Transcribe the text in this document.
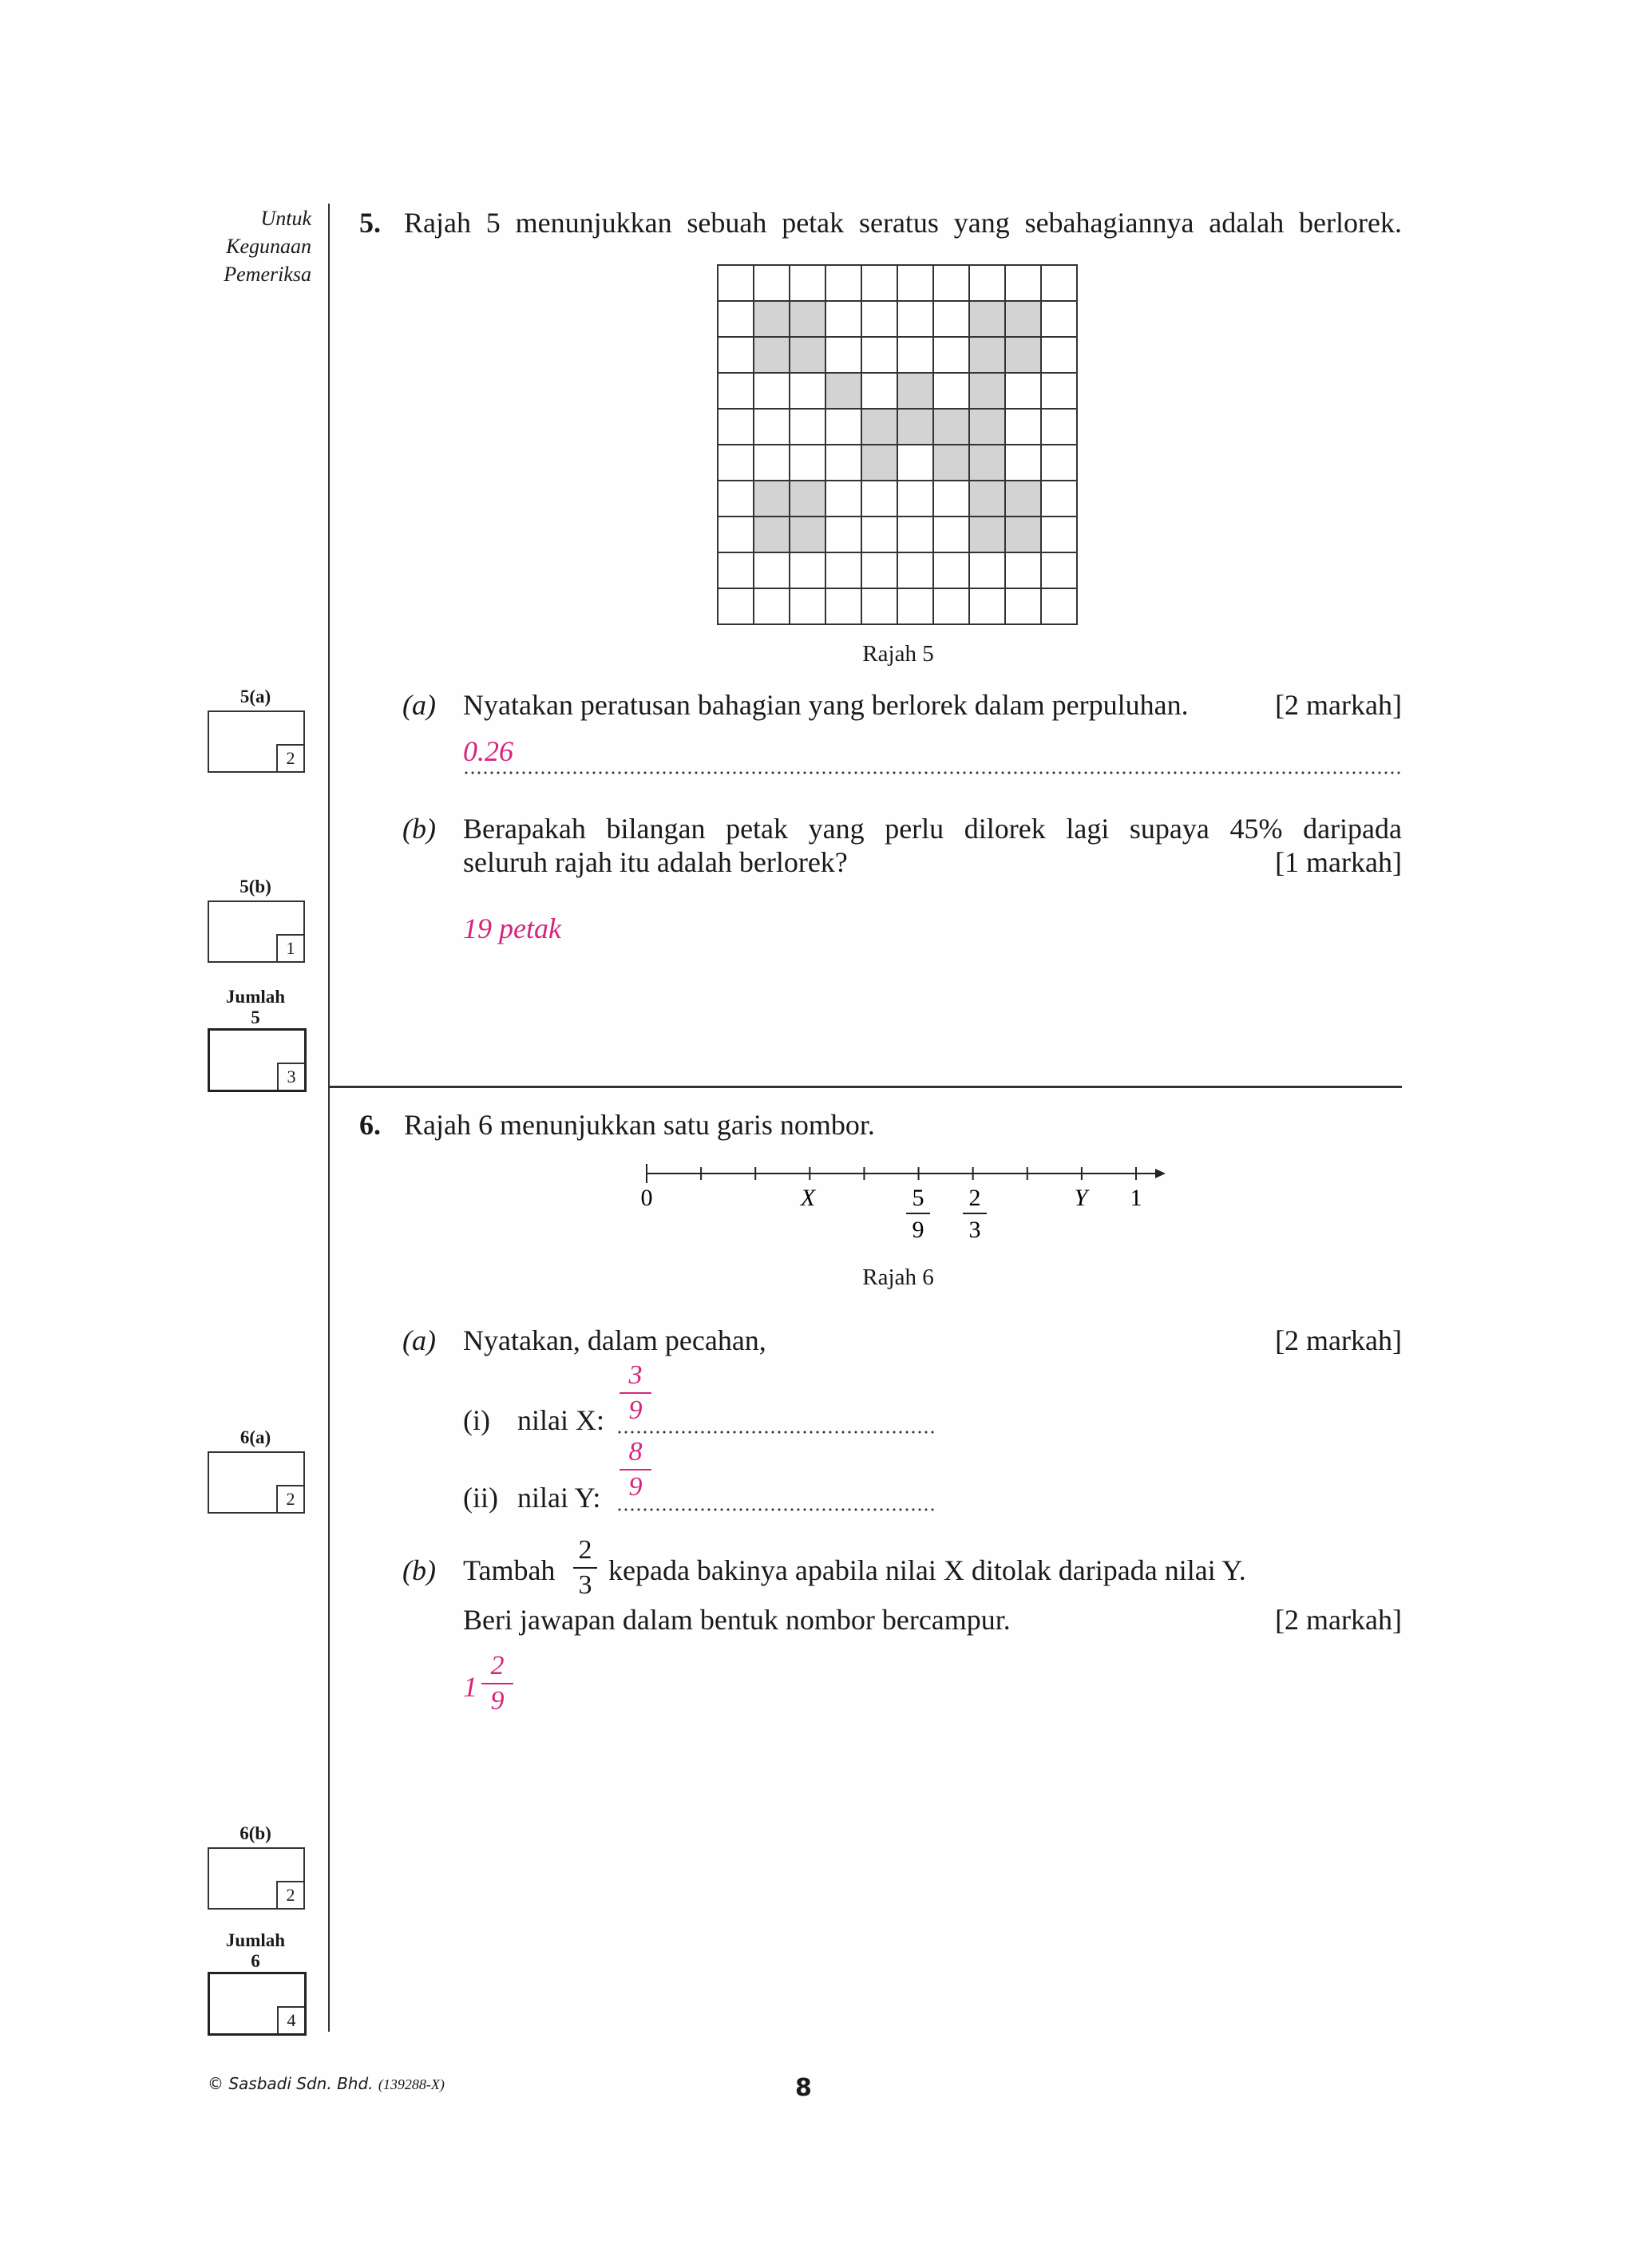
Untuk
Kegunaan
Pemeriksa
5(a)
2
5(b)
1
Jumlah
5
3
6(a)
2
6(b)
2
Jumlah
6
4
5. Rajah 5 menunjukkan sebuah petak seratus yang sebahagiannya adalah berlorek.
Rajah 5
(a) Nyatakan peratusan bahagian yang berlorek dalam perpuluhan.	[2 markah]
0.26
(b) Berapakah bilangan petak yang perlu dilorek lagi supaya 45% daripada
seluruh rajah itu adalah berlorek?	[1 markah]
19 petak
6. Rajah 6 menunjukkan satu garis nombor.
0	X	5
9
2
3
Y 1
Rajah 6
(a) Nyatakan, dalam pecahan,	[2 markah]
(i) nilai X:
3
9
(ii) nilai Y:
8
9
(b) Tambah
2
3 kepada bakinya apabila nilai X ditolak daripada nilai Y.
Beri jawapan dalam bentuk nombor bercampur.	[2 markah]
1
2
9
© Sasbadi Sdn. Bhd. (139288-X)	8
